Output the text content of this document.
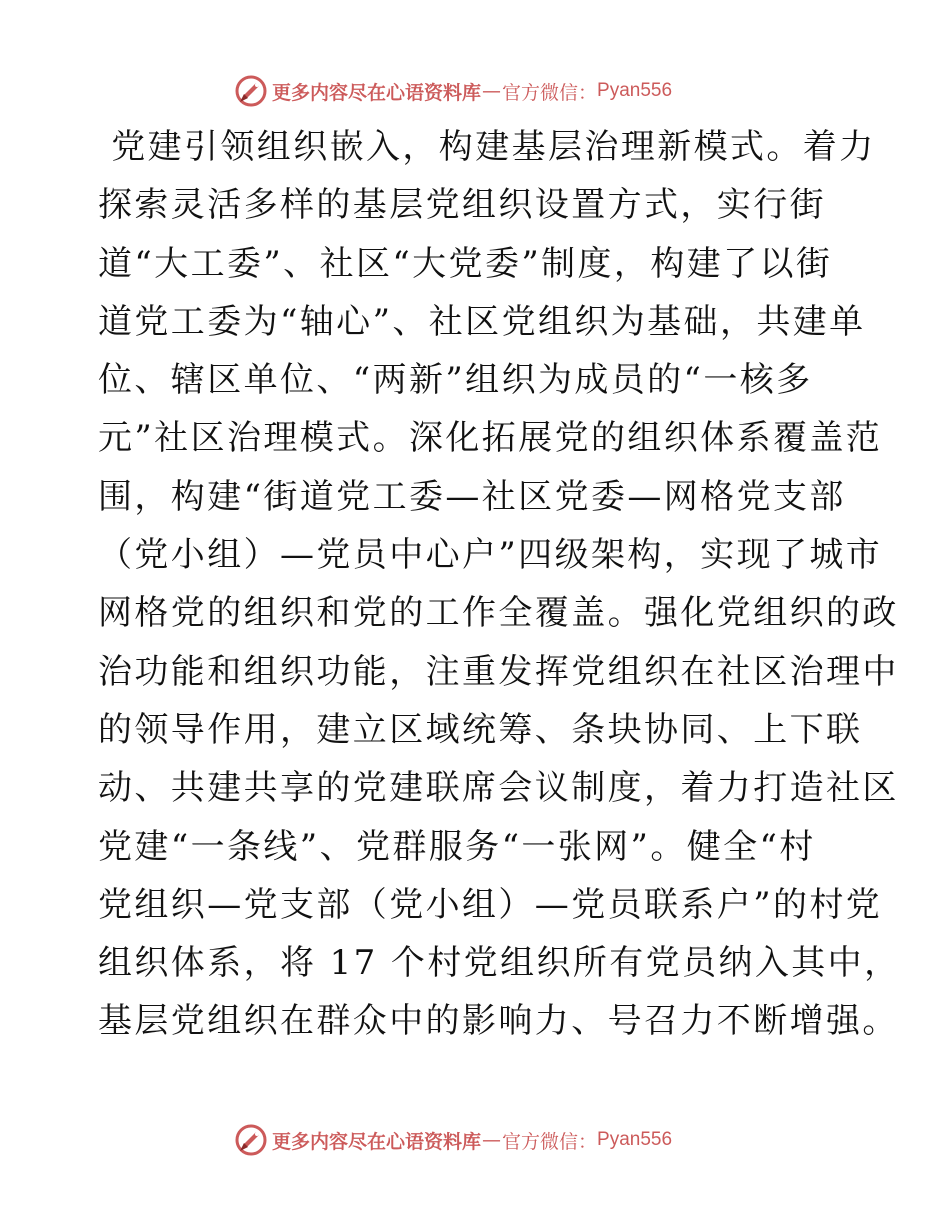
更多内容尽在心语资料库 — 官方微信： Pyan556
党建引领组织嵌入，构建基层治理新模式。着力
探索灵活多样的基层党组织设置方式，实行街
道“大工委”、社区“大党委”制度，构建了以街
道党工委为“轴心”、社区党组织为基础，共建单
位、辖区单位、“两新”组织为成员的“一核多
元”社区治理模式。深化拓展党的组织体系覆盖范
围，构建“街道党工委—社区党委—网格党支部
（党小组）—党员中心户”四级架构，实现了城市
网格党的组织和党的工作全覆盖。强化党组织的政
治功能和组织功能，注重发挥党组织在社区治理中
的领导作用，建立区域统筹、条块协同、上下联
动、共建共享的党建联席会议制度，着力打造社区
党建“一条线”、党群服务“一张网”。健全“村
党组织—党支部（党小组）—党员联系户”的村党
组织体系，将 17 个村党组织所有党员纳入其中，
基层党组织在群众中的影响力、号召力不断增强。
更多内容尽在心语资料库 — 官方微信： Pyan556
